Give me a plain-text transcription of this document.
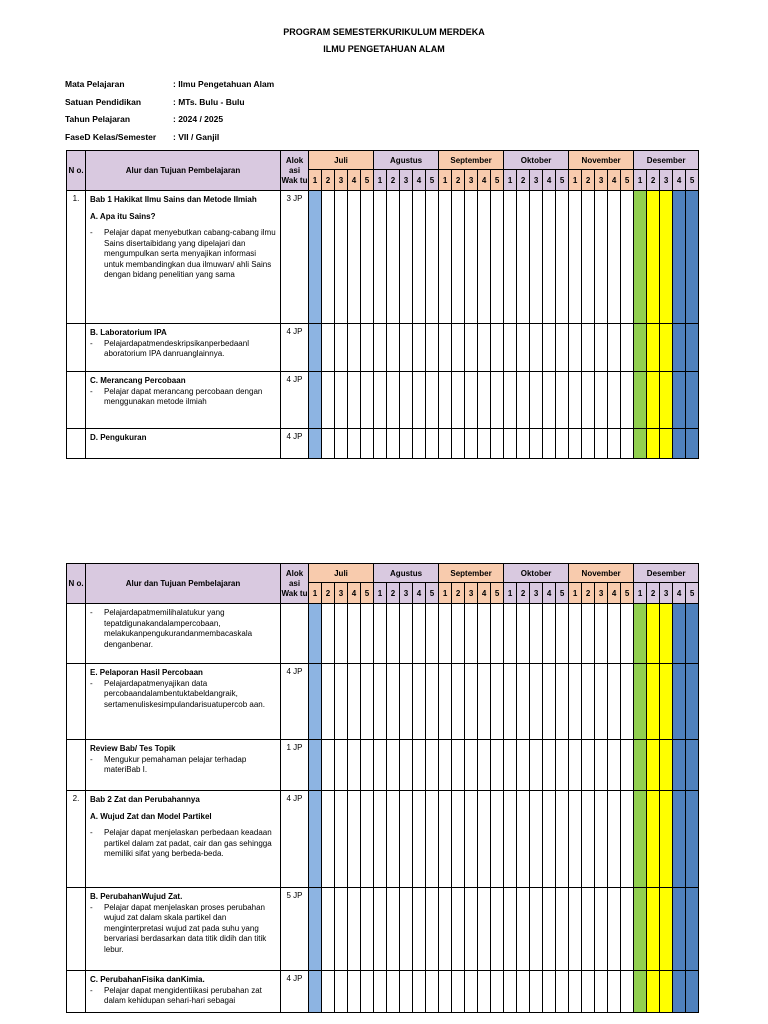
PROGRAM SEMESTERKURIKULUM MERDEKA
ILMU PENGETAHUAN ALAM
Mata Pelajaran	: Ilmu Pengetahuan Alam
Satuan Pendidikan	: MTs. Bulu - Bulu
Tahun Pelajaran	: 2024 / 2025
FaseD Kelas/Semester : VII / Ganjil
N o.	Alur dan Tujuan Pembelajaran	Alok asi Wak tu	Juli					Agustus					September					Oktober					November					Desember				
			1	2	3	4	5	1	2	3	4	5	1	2	3	4	5	1	2	3	4	5	1	2	3	4	5	1	2	3	4	5
1.	Bab 1 Hakikat Ilmu Sains dan Metode Ilmiah
A. Apa itu Sains?
- Pelajar dapat menyebutkan cabang-cabang ilmu Sains disertaibidang yang dipelajari dan mengumpulkan serta menyajikan informasi untuk membandingkan dua ilmuwan/ ahli Sains dengan bidang penelitian yang sama	3 JP																														

	B. Laboratorium IPA
- Pelajardapatmendeskripsikanperbedaanl aboratorium IPA danruanglainnya.	4 JP																														

	C. Merancang Percobaan
- Pelajar dapat merancang percobaan dengan menggunakan metode ilmiah	4 JP																														

	D. Pengukuran	4 JP																														
N o.	Alur dan Tujuan Pembelajaran	Alok asi Wak tu	Juli					Agustus					September					Oktober					November					Desember				
			1	2	3	4	5	1	2	3	4	5	1	2	3	4	5	1	2	3	4	5	1	2	3	4	5	1	2	3	4	5

	- Pelajardapatmemilihalatukur yang tepatdigunakandalampercobaan, melakukanpengukurandanmembacaskala denganbenar.

	E. Pelaporan Hasil Percobaan
- Pelajardapatmenyajikan data percobaandalambentuktabeldangraik, sertamenuliskesimpulandarisuatupercob aan.	4 JP																														

	Review Bab/ Tes Topik
- Mengukur pemahaman pelajar terhadap materiBab I.	1 JP																														
2.	Bab 2 Zat dan Perubahannya
A. Wujud Zat dan Model Partikel
- Pelajar dapat menjelaskan perbedaan keadaan partikel dalam zat padat, cair dan gas sehingga memiliki sifat yang berbeda-beda.	4 JP																														

	B. PerubahanWujud Zat.
- Pelajar dapat menjelaskan proses perubahan wujud zat dalam skala partikel dan menginterpretasi wujud zat pada suhu yang bervariasi berdasarkan data titik didih dan titik lebur.	5 JP																														

	C. PerubahanFisika danKimia.
- Pelajar dapat mengidentiikasi perubahan zat dalam kehidupan sehari-hari sebagai	4 JP																														
